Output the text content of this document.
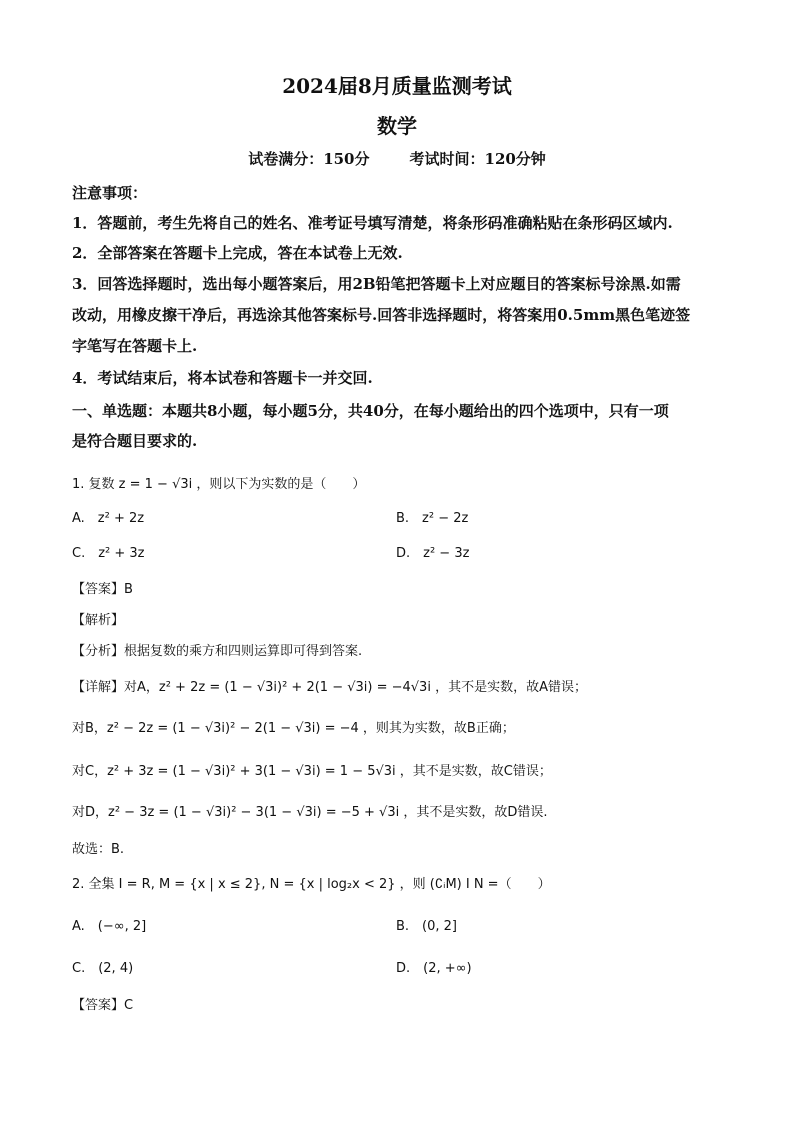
2024届8月质量监测考试
数学
试卷满分：150分	考试时间：120分钟
注意事项：
1．答题前，考生先将自己的姓名、准考证号填写清楚，将条形码准确粘贴在条形码区域内.
2．全部答案在答题卡上完成，答在本试卷上无效.
3．回答选择题时，选出每小题答案后，用2B铅笔把答题卡上对应题目的答案标号涂黑.如需
改动，用橡皮擦干净后，再选涂其他答案标号.回答非选择题时，将答案用0.5mm黑色笔迹签
字笔写在答题卡上.
4．考试结束后，将本试卷和答题卡一并交回.
一、单选题：本题共8小题，每小题5分，共40分，在每小题给出的四个选项中，只有一项
是符合题目要求的.
1. 复数 z = 1 − √3i ，则以下为实数的是（　　）
A.　z² + 2z	B.　z² − 2z
C.　z² + 3z	D.　z² − 3z
【答案】B
【解析】
【分析】根据复数的乘方和四则运算即可得到答案.
【详解】对A，z² + 2z = (1 − √3i)² + 2(1 − √3i) = −4√3i ，其不是实数，故A错误；
对B，z² − 2z = (1 − √3i)² − 2(1 − √3i) = −4 ，则其为实数，故B正确；
对C，z² + 3z = (1 − √3i)² + 3(1 − √3i) = 1 − 5√3i ，其不是实数，故C错误；
对D，z² − 3z = (1 − √3i)² − 3(1 − √3i) = −5 + √3i ，其不是实数，故D错误.
故选：B.
2. 全集 I = R, M = {x | x ≤ 2}, N = {x | log₂x < 2} ，则 (∁ᵢM) I N =（　　）
A.　(−∞, 2]	B.　(0, 2]
C.　(2, 4)	D.　(2, +∞)
【答案】C
